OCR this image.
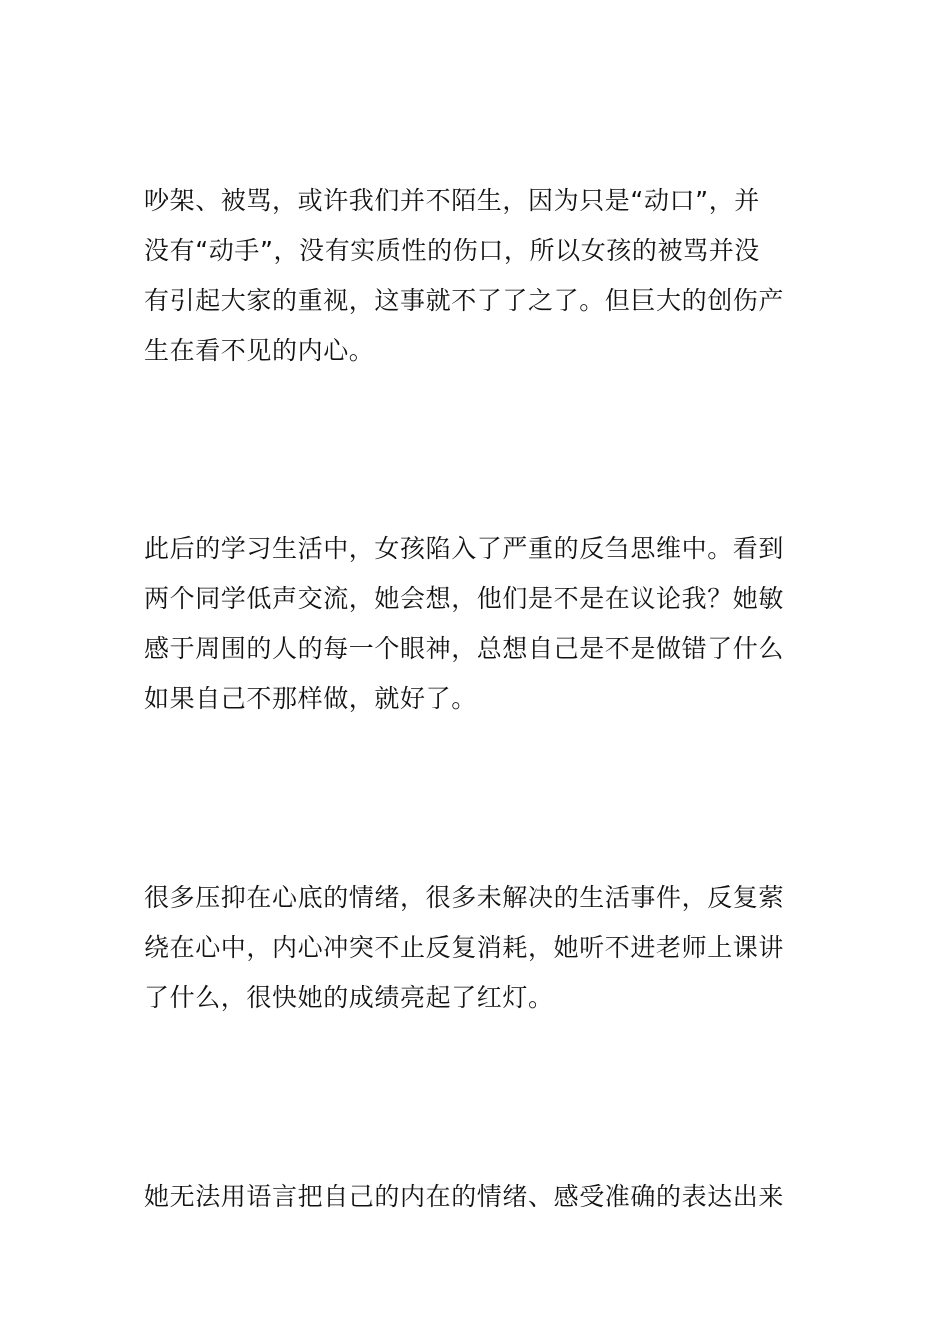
吵架、被骂，或许我们并不陌生，因为只是“动口”，并
没有“动手”，没有实质性的伤口，所以女孩的被骂并没
有引起大家的重视，这事就不了了之了。但巨大的创伤产
生在看不见的内心。

此后的学习生活中，女孩陷入了严重的反刍思维中。看到
两个同学低声交流，她会想，他们是不是在议论我？她敏
感于周围的人的每一个眼神，总想自己是不是做错了什么
如果自己不那样做，就好了。

很多压抑在心底的情绪，很多未解决的生活事件，反复萦
绕在心中，内心冲突不止反复消耗，她听不进老师上课讲
了什么，很快她的成绩亮起了红灯。

她无法用语言把自己的内在的情绪、感受准确的表达出来
